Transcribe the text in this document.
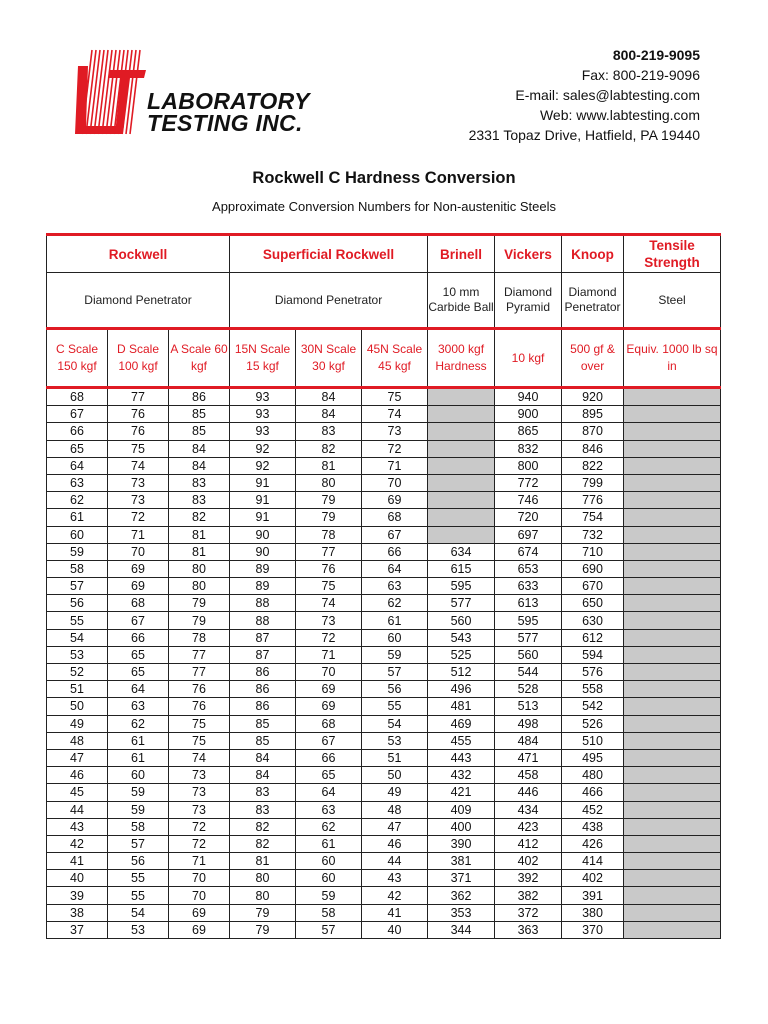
LABORATORY
TESTING INC.
800-219-9095
Fax: 800-219-9096
E-mail: sales@labtesting.com
Web: www.labtesting.com
2331 Topaz Drive, Hatfield, PA 19440
Rockwell C Hardness Conversion
Approximate Conversion Numbers for Non-austenitic Steels
Rockwell			Superficial Rockwell			Brinell	Vickers	Knoop	Tensile Strength
Diamond Penetrator			Diamond Penetrator			10 mm Carbide Ball	Diamond Pyramid	Diamond Penetrator	Steel
C Scale 150 kgf	D Scale 100 kgf	A Scale 60 kgf	15N Scale 15 kgf	30N Scale 30 kgf	45N Scale 45 kgf	3000 kgf Hardness	10 kgf	500 gf & over	Equiv. 1000 lb sq in
68	77	86	93	84	75		940	920	
67	76	85	93	84	74		900	895	
66	76	85	93	83	73		865	870	
65	75	84	92	82	72		832	846	
64	74	84	92	81	71		800	822	
63	73	83	91	80	70		772	799	
62	73	83	91	79	69		746	776	
61	72	82	91	79	68		720	754	
60	71	81	90	78	67		697	732	
59	70	81	90	77	66	634	674	710	
58	69	80	89	76	64	615	653	690	
57	69	80	89	75	63	595	633	670	
56	68	79	88	74	62	577	613	650	
55	67	79	88	73	61	560	595	630	
54	66	78	87	72	60	543	577	612	
53	65	77	87	71	59	525	560	594	
52	65	77	86	70	57	512	544	576	
51	64	76	86	69	56	496	528	558	
50	63	76	86	69	55	481	513	542	
49	62	75	85	68	54	469	498	526	
48	61	75	85	67	53	455	484	510	
47	61	74	84	66	51	443	471	495	
46	60	73	84	65	50	432	458	480	
45	59	73	83	64	49	421	446	466	
44	59	73	83	63	48	409	434	452	
43	58	72	82	62	47	400	423	438	
42	57	72	82	61	46	390	412	426	
41	56	71	81	60	44	381	402	414	
40	55	70	80	60	43	371	392	402	
39	55	70	80	59	42	362	382	391	
38	54	69	79	58	41	353	372	380	
37	53	69	79	57	40	344	363	370	
